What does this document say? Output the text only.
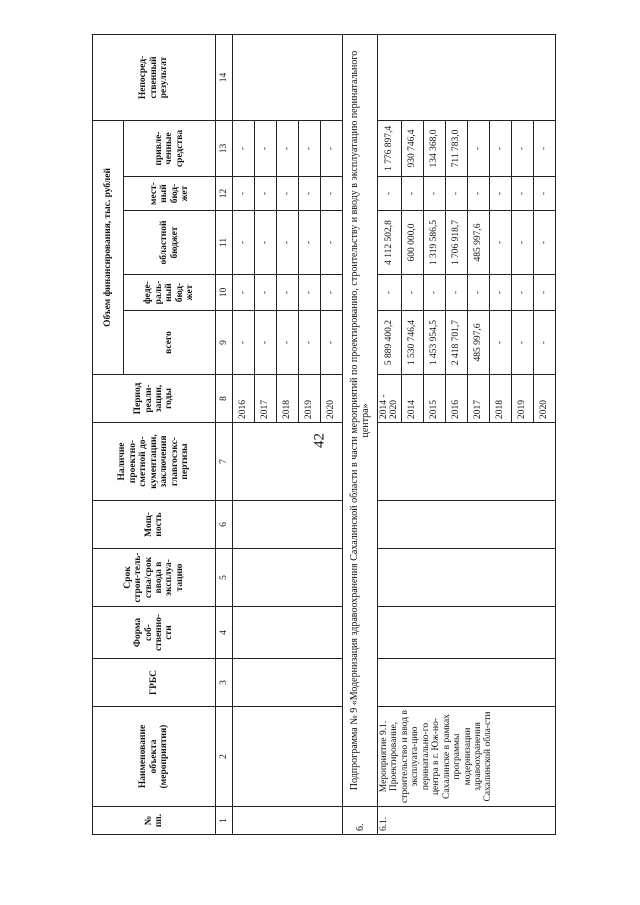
42
№ пп.	Наименование объекта (мероприятия)	ГРБС	Форма соб-ственно-сти	Срок строи-тель-ства/срок ввода в эксплуа-тацию	Мощ-ность	Наличие проектно-сметной до-кументации, заключения главгосэкс-пертизы	Период реали-зации, годы	Объем финансирования, тыс. рублей					Непосред-ственный результат
								всего	феде-раль-ный бюд-жет	областной бюджет	мест-ный бюд-жет	привле-ченные средства	
1	2	3	4	5	6	7	8	9	10	11	12	13	14
							2016	-	-	-	-	-	
							2017	-	-	-	-	-	
							2018	-	-	-	-	-	
							2019	-	-	-	-	-	
							2020	-	-	-	-	-	
6.	Подпрограмма № 9 «Модернизация здравоохранения Сахалинской области в части мероприятий по проектированию, строительству и вводу в эксплуатацию перинатального центра»												
6.1.	Мероприятие 9.1. Проектирование, строительство и ввод в эксплуата-цию перинатально-го центра в г. Юж-но-Сахалинске в рамках программы модернизации здравоохранения Сахалинской обла-сти						2014 - 2020	5 889 400,2	-	4 112 502,8	-	1 776 897,4	
							2014	1 530 746,4	-	600 000,0	-	930 746,4	
							2015	1 453 954,5	-	1 319 586,5	-	134 368,0	
							2016	2 418 701,7	-	1 706 918,7	-	711 783,0	
							2017	485 997,6	-	485 997,6	-	-	
							2018	-	-	-	-	-	
							2019	-	-	-	-	-	
							2020	-	-	-	-	-	
